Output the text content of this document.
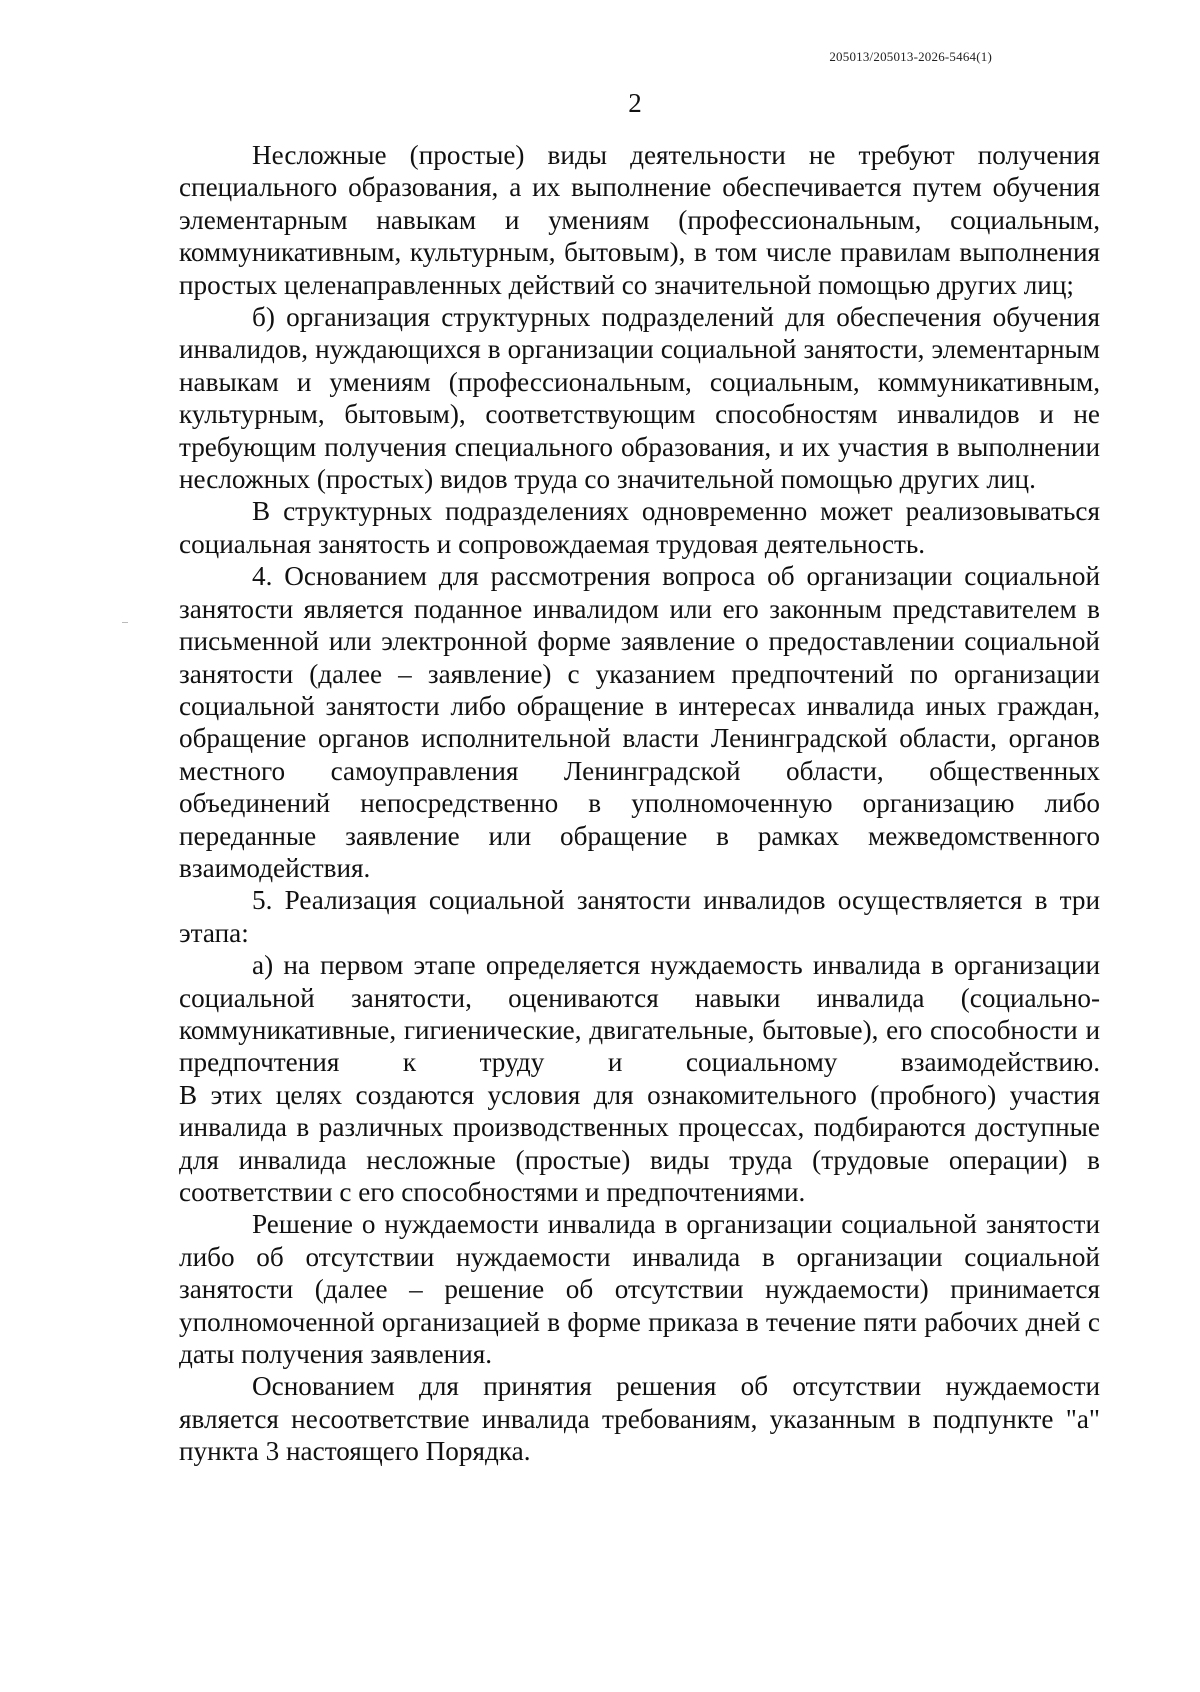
205013/205013-2026-5464(1)
2

Несложные (простые) виды деятельности не требуют получения специального образования, а их выполнение обеспечивается путем обучения элементарным навыкам и умениям (профессиональным, социальным, коммуникативным, культурным, бытовым), в том числе правилам выполнения простых целенаправленных действий со значительной помощью других лиц;

б) организация структурных подразделений для обеспечения обучения инвалидов, нуждающихся в организации социальной занятости, элементарным навыкам и умениям (профессиональным, социальным, коммуникативным, культурным, бытовым), соответствующим способностям инвалидов и не требующим получения специального образования, и их участия в выполнении несложных (простых) видов труда со значительной помощью других лиц.

В структурных подразделениях одновременно может реализовываться социальная занятость и сопровождаемая трудовая деятельность.

4. Основанием для рассмотрения вопроса об организации социальной занятости является поданное инвалидом или его законным представителем в письменной или электронной форме заявление о предоставлении социальной занятости (далее – заявление) с указанием предпочтений по организации социальной занятости либо обращение в интересах инвалида иных граждан, обращение органов исполнительной власти Ленинградской области, органов местного самоуправления Ленинградской области, общественных объединений непосредственно в уполномоченную организацию либо переданные заявление или обращение в рамках межведомственного взаимодействия.

5. Реализация социальной занятости инвалидов осуществляется в три этапа:

а) на первом этапе определяется нуждаемость инвалида в организации социальной занятости, оцениваются навыки инвалида (социально-коммуникативные, гигиенические, двигательные, бытовые), его способности и предпочтения к труду и социальному взаимодействию.

В этих целях создаются условия для ознакомительного (пробного) участия инвалида в различных производственных процессах, подбираются доступные для инвалида несложные (простые) виды труда (трудовые операции) в соответствии с его способностями и предпочтениями.

Решение о нуждаемости инвалида в организации социальной занятости либо об отсутствии нуждаемости инвалида в организации социальной занятости (далее – решение об отсутствии нуждаемости) принимается уполномоченной организацией в форме приказа в течение пяти рабочих дней с даты получения заявления.

Основанием для принятия решения об отсутствии нуждаемости является несоответствие инвалида требованиям, указанным в подпункте "а" пункта 3 настоящего Порядка.
